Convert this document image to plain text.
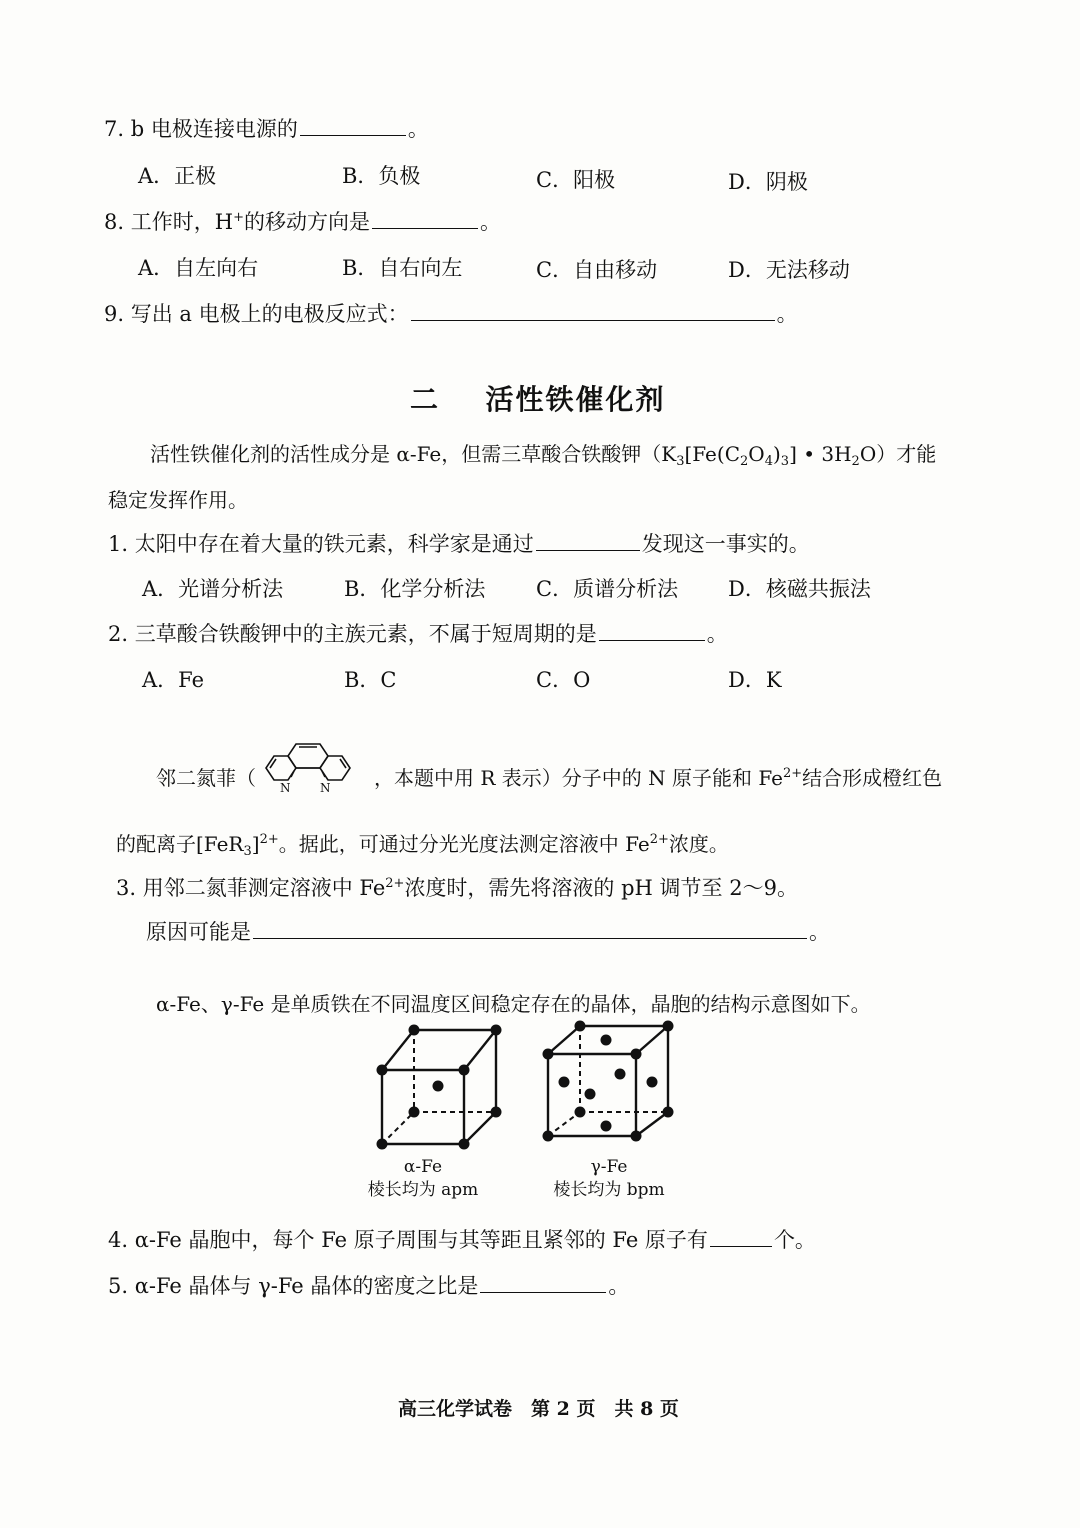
7. b 电极连接电源的	。
A．正极	B．负极	C．阳极	D．阴极
8. 工作时，H+的移动方向是	。
A．自左向右	B．自右向左	C．自由移动	D．无法移动
9. 写出 a 电极上的电极反应式：	。
二 活性铁催化剂
活性铁催化剂的活性成分是 α-Fe，但需三草酸合铁酸钾（$K_3[Fe(C_2O_4)_3]$ • $3H_2O$）才能
稳定发挥作用。
1. 太阳中存在着大量的铁元素，科学家是通过	发现这一事实的。
A．光谱分析法	B．化学分析法 C．质谱分析法 D．核磁共振法
2. 三草酸合铁酸钾中的主族元素，不属于短周期的是	。
A．Fe	B．C	C．O	D．K
邻二氮菲（ N N ，本题中用 R 表示）分子中的 N 原子能和 $Fe^{2+}$结合形成橙红色
的配离子$[FeR_3]^{2+}$。据此，可通过分光光度法测定溶液中 $Fe^{2+}$浓度。
3. 用邻二氮菲测定溶液中 $Fe^{2+}$浓度时，需先将溶液的 pH 调节至 2～9。
原因可能是	。
α-Fe、γ-Fe 是单质铁在不同温度区间稳定存在的晶体，晶胞的结构示意图如下。
α-Fe
棱长均为 apm
γ-Fe
棱长均为 bpm
4. α-Fe 晶胞中，每个 Fe 原子周围与其等距且紧邻的 Fe 原子有	个。
5. α-Fe 晶体与 γ-Fe 晶体的密度之比是	。
高三化学试卷　第 2 页　共 8 页
